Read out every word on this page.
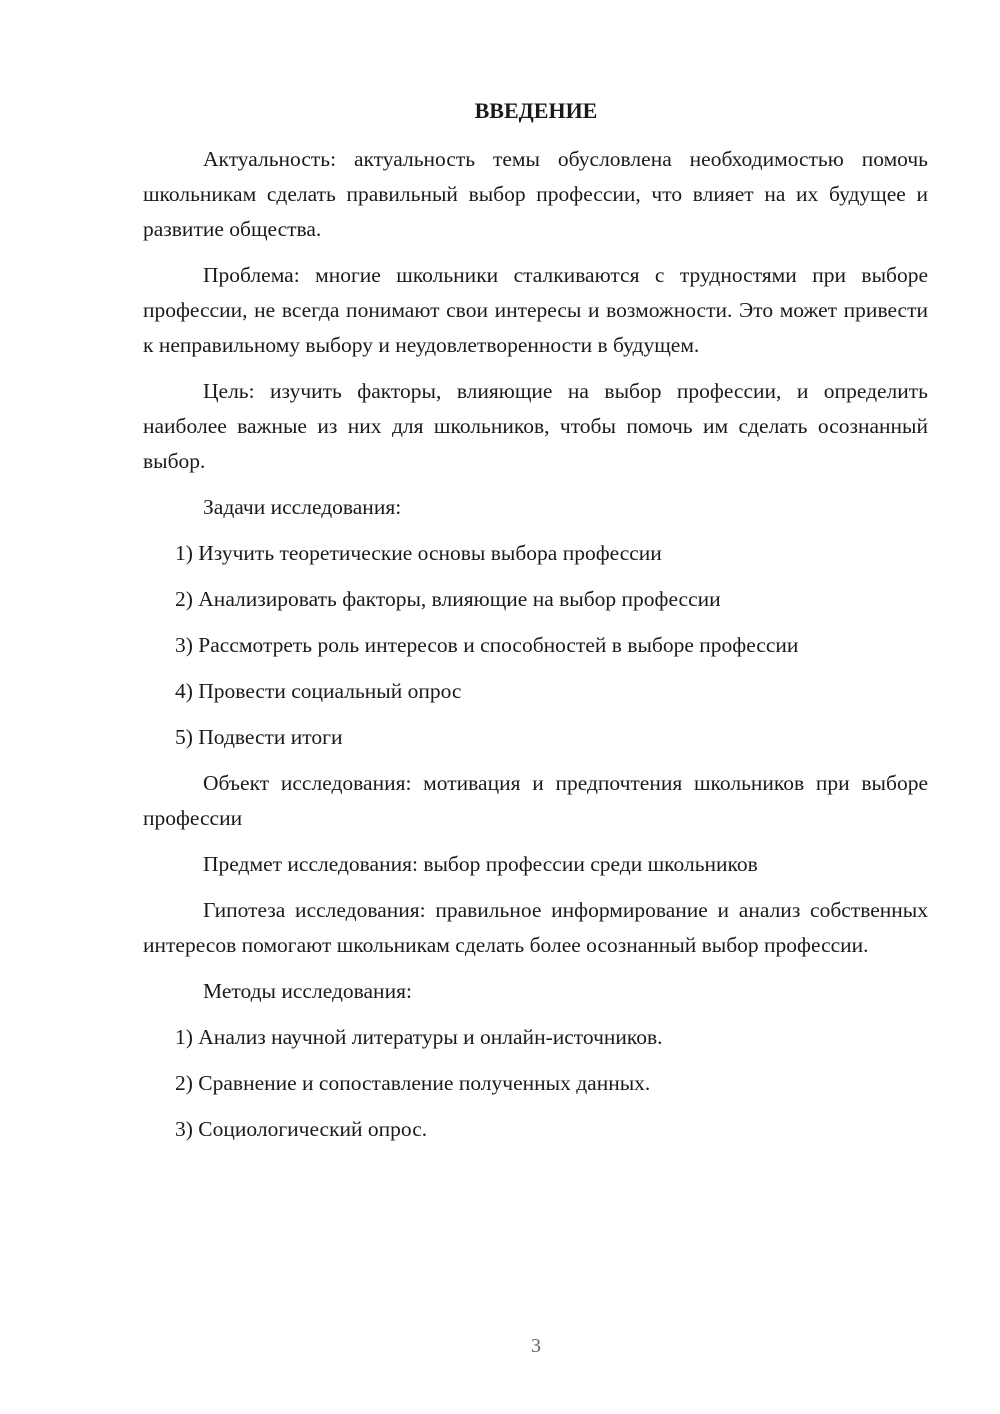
ВВЕДЕНИЕ

Актуальность: актуальность темы обусловлена необходимостью помочь школьникам сделать правильный выбор профессии, что влияет на их будущее и развитие общества.

Проблема: многие школьники сталкиваются с трудностями при выборе профессии, не всегда понимают свои интересы и возможности. Это может привести к неправильному выбору и неудовлетворенности в будущем.

Цель: изучить факторы, влияющие на выбор профессии, и определить наиболее важные из них для школьников, чтобы помочь им сделать осознанный выбор.

Задачи исследования:

1) Изучить теоретические основы выбора профессии
2) Анализировать факторы, влияющие на выбор профессии
3) Рассмотреть роль интересов и способностей в выборе профессии
4) Провести социальный опрос
5) Подвести итоги

Объект исследования: мотивация и предпочтения школьников при выборе профессии

Предмет исследования: выбор профессии среди школьников

Гипотеза исследования: правильное информирование и анализ собственных интересов помогают школьникам сделать более осознанный выбор профессии.

Методы исследования:

1) Анализ научной литературы и онлайн-источников.
2) Сравнение и сопоставление полученных данных.
3) Социологический опрос.
3
